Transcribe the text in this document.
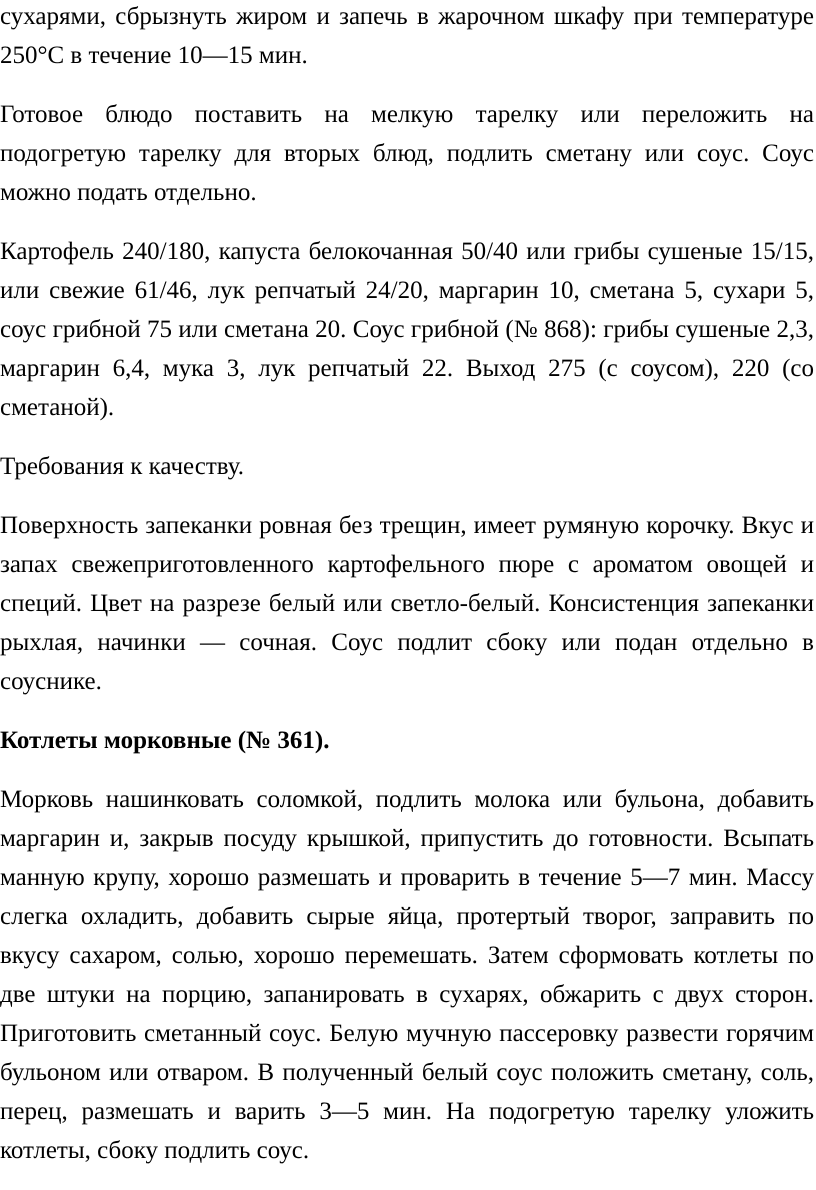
сухарями, сбрызнуть жиром и запечь в жарочном шкафу при температуре 250°С в течение 10—15 мин.

Готовое блюдо поставить на мелкую тарелку или переложить на подогретую тарелку для вторых блюд, подлить сметану или соус. Соус можно подать отдельно.

Картофель 240/180, капуста белокочанная 50/40 или грибы сушеные 15/15, или свежие 61/46, лук репчатый 24/20, маргарин 10, сметана 5, сухари 5, соус грибной 75 или сметана 20. Соус грибной (№ 868): грибы сушеные 2,3, маргарин 6,4, мука 3, лук репчатый 22. Выход 275 (с соусом), 220 (со сметаной).

Требования к качеству.

Поверхность запеканки ровная без трещин, имеет румяную корочку. Вкус и запах свежеприготовленного картофельного пюре с ароматом овощей и специй. Цвет на разрезе белый или светло-белый. Консистенция запеканки рыхлая, начинки — сочная. Соус подлит сбоку или подан отдельно в соуснике.

Котлеты морковные (№ 361).

Морковь нашинковать соломкой, подлить молока или бульона, добавить маргарин и, закрыв посуду крышкой, припустить до готовности. Всыпать манную крупу, хорошо размешать и проварить в течение 5—7 мин. Массу слегка охладить, добавить сырые яйца, протертый творог, заправить по вкусу сахаром, солью, хорошо перемешать. Затем сформовать котлеты по две штуки на порцию, запанировать в сухарях, обжарить с двух сторон. Приготовить сметанный соус. Белую мучную пассеровку развести горячим бульоном или отваром. В полученный белый соус положить сметану, соль, перец, размешать и варить 3—5 мин. На подогретую тарелку уложить котлеты, сбоку подлить соус.
